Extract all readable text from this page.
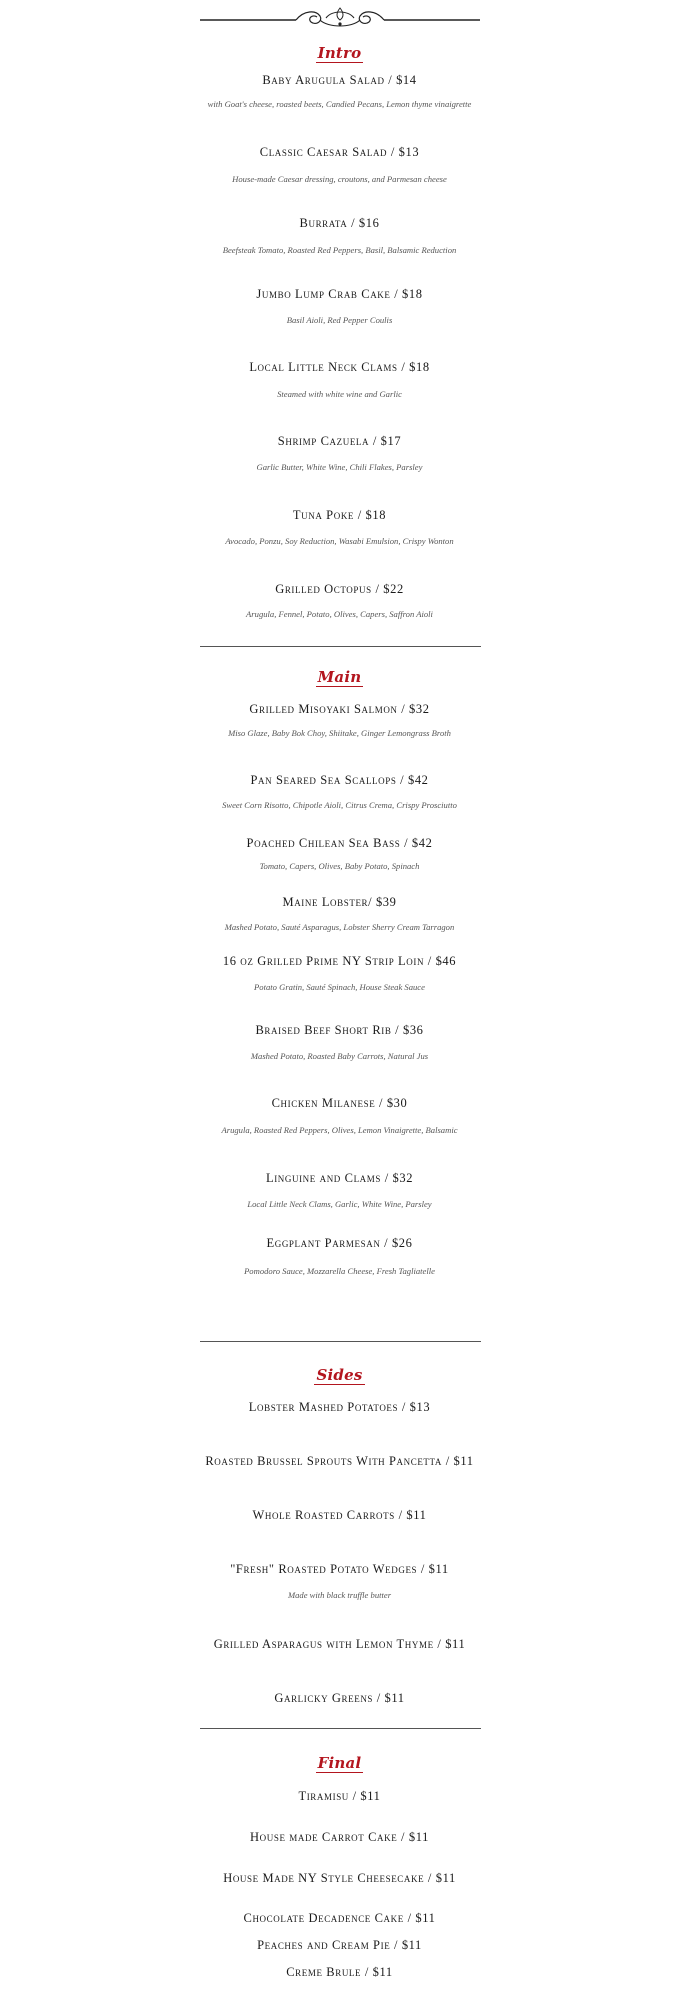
Intro
Baby Arugula Salad / $14
with Goat's cheese, roasted beets, Candied Pecans, Lemon thyme vinaigrette
Classic Caesar Salad / $13
House-made Caesar dressing, croutons, and Parmesan cheese
Burrata / $16
Beefsteak Tomato, Roasted Red Peppers, Basil, Balsamic Reduction
Jumbo Lump Crab Cake / $18
Basil Aioli, Red Pepper Coulis
Local Little Neck Clams / $18
Steamed with white wine and Garlic
Shrimp Cazuela / $17
Garlic Butter, White Wine, Chili Flakes, Parsley
Tuna Poke / $18
Avocado, Ponzu, Soy Reduction, Wasabi Emulsion, Crispy Wonton
Grilled Octopus / $22
Arugula, Fennel, Potato, Olives, Capers, Saffron Aioli
Main
Grilled Misoyaki Salmon / $32
Miso Glaze, Baby Bok Choy, Shiitake, Ginger Lemongrass Broth
Pan Seared Sea Scallops / $42
Sweet Corn Risotto, Chipotle Aioli, Citrus Crema, Crispy Prosciutto
Poached Chilean Sea Bass / $42
Tomato, Capers, Olives, Baby Potato, Spinach
Maine Lobster/ $39
Mashed Potato, Sauté Asparagus, Lobster Sherry Cream Tarragon
16 oz Grilled Prime NY Strip Loin / $46
Potato Gratin, Sauté Spinach, House Steak Sauce
Braised Beef Short Rib / $36
Mashed Potato, Roasted Baby Carrots, Natural Jus
Chicken Milanese / $30
Arugula, Roasted Red Peppers, Olives, Lemon Vinaigrette, Balsamic
Linguine and Clams / $32
Local Little Neck Clams, Garlic, White Wine, Parsley
Eggplant Parmesan / $26
Pomodoro Sauce, Mozzarella Cheese, Fresh Tagliatelle
Sides
Lobster Mashed Potatoes / $13
Roasted Brussel Sprouts With Pancetta / $11
Whole Roasted Carrots / $11
"Fresh" Roasted Potato Wedges / $11
Made with black truffle butter
Grilled Asparagus with Lemon Thyme / $11
Garlicky Greens / $11
Final
Tiramisu / $11
House made Carrot Cake / $11
House Made NY Style Cheesecake / $11
Chocolate Decadence Cake / $11
Peaches and Cream Pie / $11
Creme Brule / $11
